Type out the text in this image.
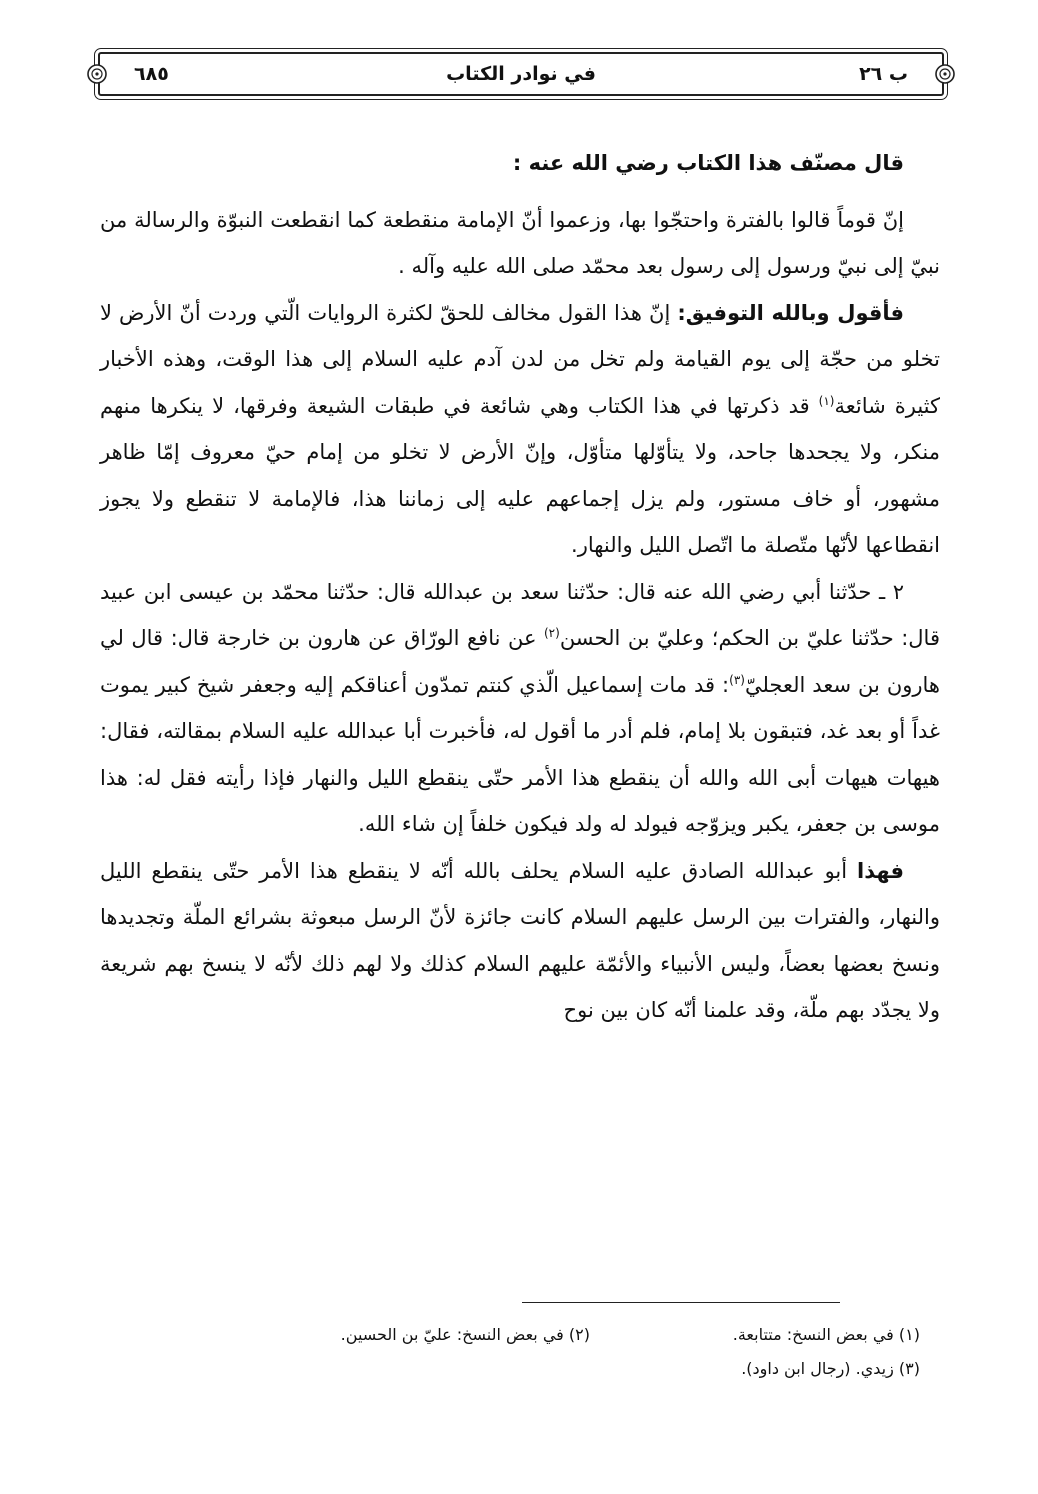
ب ٢٦
في نوادر الكتاب
٦٨٥

قال مصنّف هذا الكتاب رضي الله عنه :

إنّ قوماً قالوا بالفترة واحتجّوا بها، وزعموا أنّ الإمامة منقطعة كما انقطعت النبوّة والرسالة من نبيّ إلى نبيّ ورسول إلى رسول بعد محمّد صلى الله عليه وآله .

فأقول وبالله التوفيق: إنّ هذا القول مخالف للحقّ لكثرة الروايات الّتي وردت أنّ الأرض لا تخلو من حجّة إلى يوم القيامة ولم تخل من لدن آدم عليه السلام إلى هذا الوقت، وهذه الأخبار كثيرة شائعة$^{(١)}$ قد ذكرتها في هذا الكتاب وهي شائعة في طبقات الشيعة وفرقها، لا ينكرها منهم منكر، ولا يجحدها جاحد، ولا يتأوّلها متأوّل، وإنّ الأرض لا تخلو من إمام حيّ معروف إمّا ظاهر مشهور، أو خاف مستور، ولم يزل إجماعهم عليه إلى زماننا هذا، فالإمامة لا تنقطع ولا يجوز انقطاعها لأنّها متّصلة ما اتّصل الليل والنهار.

٢ ـ حدّثنا أبي رضي الله عنه قال: حدّثنا سعد بن عبدالله قال: حدّثنا محمّد بن عيسى ابن عبيد قال: حدّثنا عليّ بن الحكم؛ وعليّ بن الحسن$^{(٢)}$ عن نافع الورّاق عن هارون بن خارجة قال: قال لي هارون بن سعد العجليّ$^{(٣)}$: قد مات إسماعيل الّذي كنتم تمدّون أعناقكم إليه وجعفر شيخ كبير يموت غداً أو بعد غد، فتبقون بلا إمام، فلم أدر ما أقول له، فأخبرت أبا عبدالله عليه السلام بمقالته، فقال: هيهات هيهات أبى الله والله أن ينقطع هذا الأمر حتّى ينقطع الليل والنهار فإذا رأيته فقل له: هذا موسى بن جعفر، يكبر ويزوّجه فيولد له ولد فيكون خلفاً إن شاء الله.

فهذا أبو عبدالله الصادق عليه السلام يحلف بالله أنّه لا ينقطع هذا الأمر حتّى ينقطع الليل والنهار، والفترات بين الرسل عليهم السلام كانت جائزة لأنّ الرسل مبعوثة بشرائع الملّة وتجديدها ونسخ بعضها بعضاً، وليس الأنبياء والأئمّة عليهم السلام كذلك ولا لهم ذلك لأنّه لا ينسخ بهم شريعة ولا يجدّد بهم ملّة، وقد علمنا أنّه كان بين نوح

(١) في بعض النسخ: متتابعة.
(٢) في بعض النسخ: عليّ بن الحسين.
(٣) زيدي. (رجال ابن داود).
